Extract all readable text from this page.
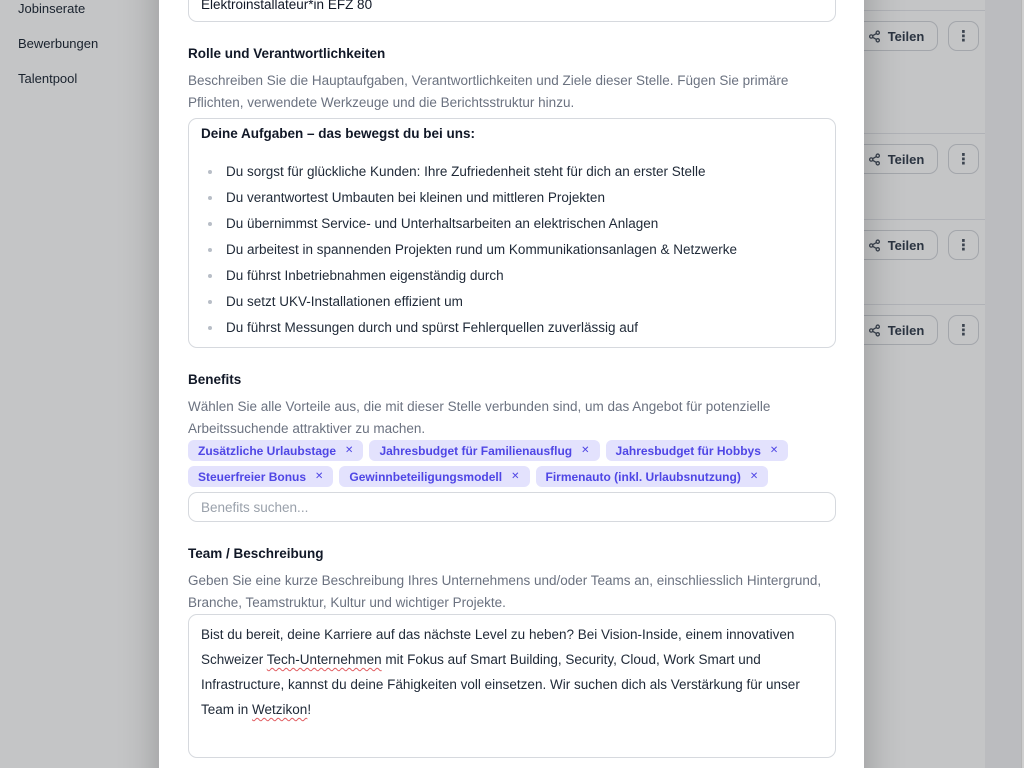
Jobinserate
Bewerbungen
Talentpool
Teilen ⋮
Teilen ⋮
Teilen ⋮
Teilen ⋮
Elektroinstallateur*in EFZ 80
Rolle und Verantwortlichkeiten

Beschreiben Sie die Hauptaufgaben, Verantwortlichkeiten und Ziele dieser Stelle. Fügen Sie primäre Pflichten, verwendete Werkzeuge und die Berichtsstruktur hinzu.

Deine Aufgaben – das bewegst du bei uns:

Du sorgst für glückliche Kunden: Ihre Zufriedenheit steht für dich an erster Stelle
Du verantwortest Umbauten bei kleinen und mittleren Projekten
Du übernimmst Service- und Unterhaltsarbeiten an elektrischen Anlagen
Du arbeitest in spannenden Projekten rund um Kommunikationsanlagen & Netzwerke
Du führst Inbetriebnahmen eigenständig durch
Du setzt UKV-Installationen effizient um
Du führst Messungen durch und spürst Fehlerquellen zuverlässig auf
Benefits

Wählen Sie alle Vorteile aus, die mit dieser Stelle verbunden sind, um das Angebot für potenzielle Arbeitssuchende attraktiver zu machen.

Zusätzliche Urlaubstage ✕ Jahresbudget für Familienausflug ✕ Jahresbudget für Hobbys ✕
Steuerfreier Bonus ✕ Gewinnbeteiligungsmodell ✕ Firmenauto (inkl. Urlaubsnutzung) ✕
Benefits suchen...
Team / Beschreibung

Geben Sie eine kurze Beschreibung Ihres Unternehmens und/oder Teams an, einschliesslich Hintergrund, Branche, Teamstruktur, Kultur und wichtiger Projekte.

Bist du bereit, deine Karriere auf das nächste Level zu heben? Bei Vision-Inside, einem innovativen Schweizer Tech-Unternehmen mit Fokus auf Smart Building, Security, Cloud, Work Smart und Infrastructure, kannst du deine Fähigkeiten voll einsetzen. Wir suchen dich als Verstärkung für unser Team in Wetzikon!
